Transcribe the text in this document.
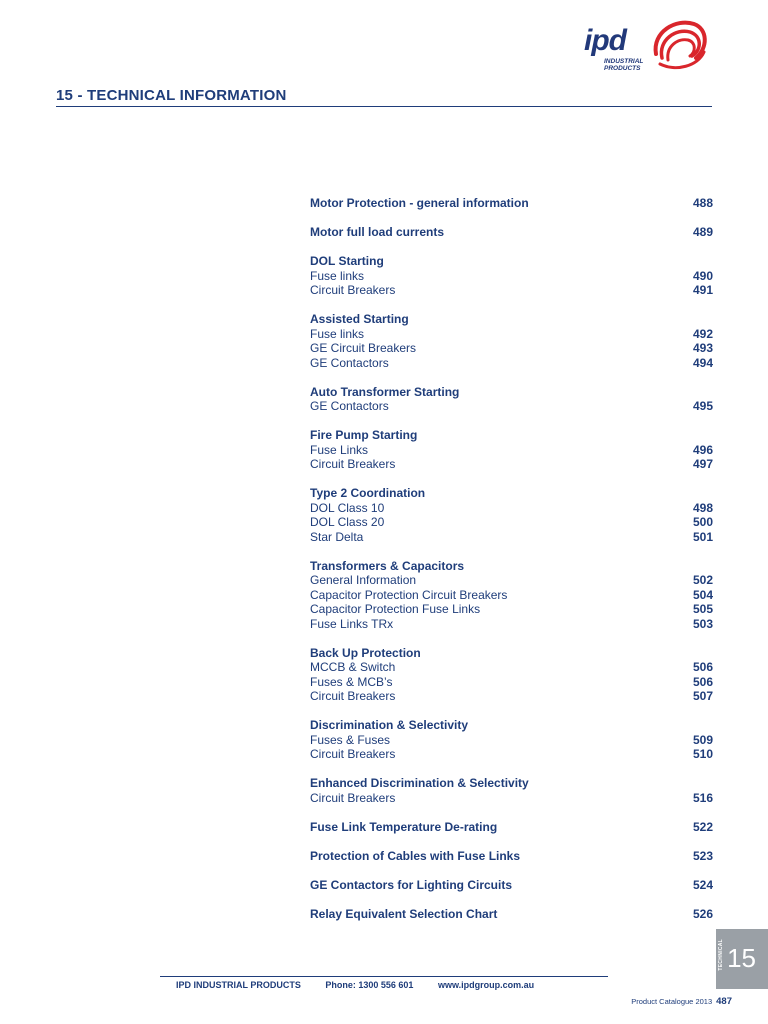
ipd
INDUSTRIAL
PRODUCTS
15 - TECHNICAL INFORMATION
Motor Protection - general information	488
Motor full load currents	489
DOL Starting
Fuse links	490
Circuit Breakers	491
Assisted Starting
Fuse links	492
GE Circuit Breakers	493
GE Contactors	494
Auto Transformer Starting
GE Contactors	495
Fire Pump Starting
Fuse Links	496
Circuit Breakers	497
Type 2 Coordination
DOL Class 10	498
DOL Class 20	500
Star Delta	501
Transformers & Capacitors
General Information	502
Capacitor Protection Circuit Breakers	504
Capacitor Protection Fuse Links	505
Fuse Links TRx	503
Back Up Protection
MCCB & Switch	506
Fuses & MCB’s	506
Circuit Breakers	507
Discrimination & Selectivity
Fuses & Fuses	509
Circuit Breakers	510
Enhanced Discrimination & Selectivity
Circuit Breakers	516
Fuse Link Temperature De-rating	522
Protection of Cables with Fuse Links	523
GE Contactors for Lighting Circuits	524
Relay Equivalent Selection Chart	526
TECHNICAL 15
IPD INDUSTRIAL PRODUCTS	Phone: 1300 556 601	www.ipdgroup.com.au
Product Catalogue 2013 487
